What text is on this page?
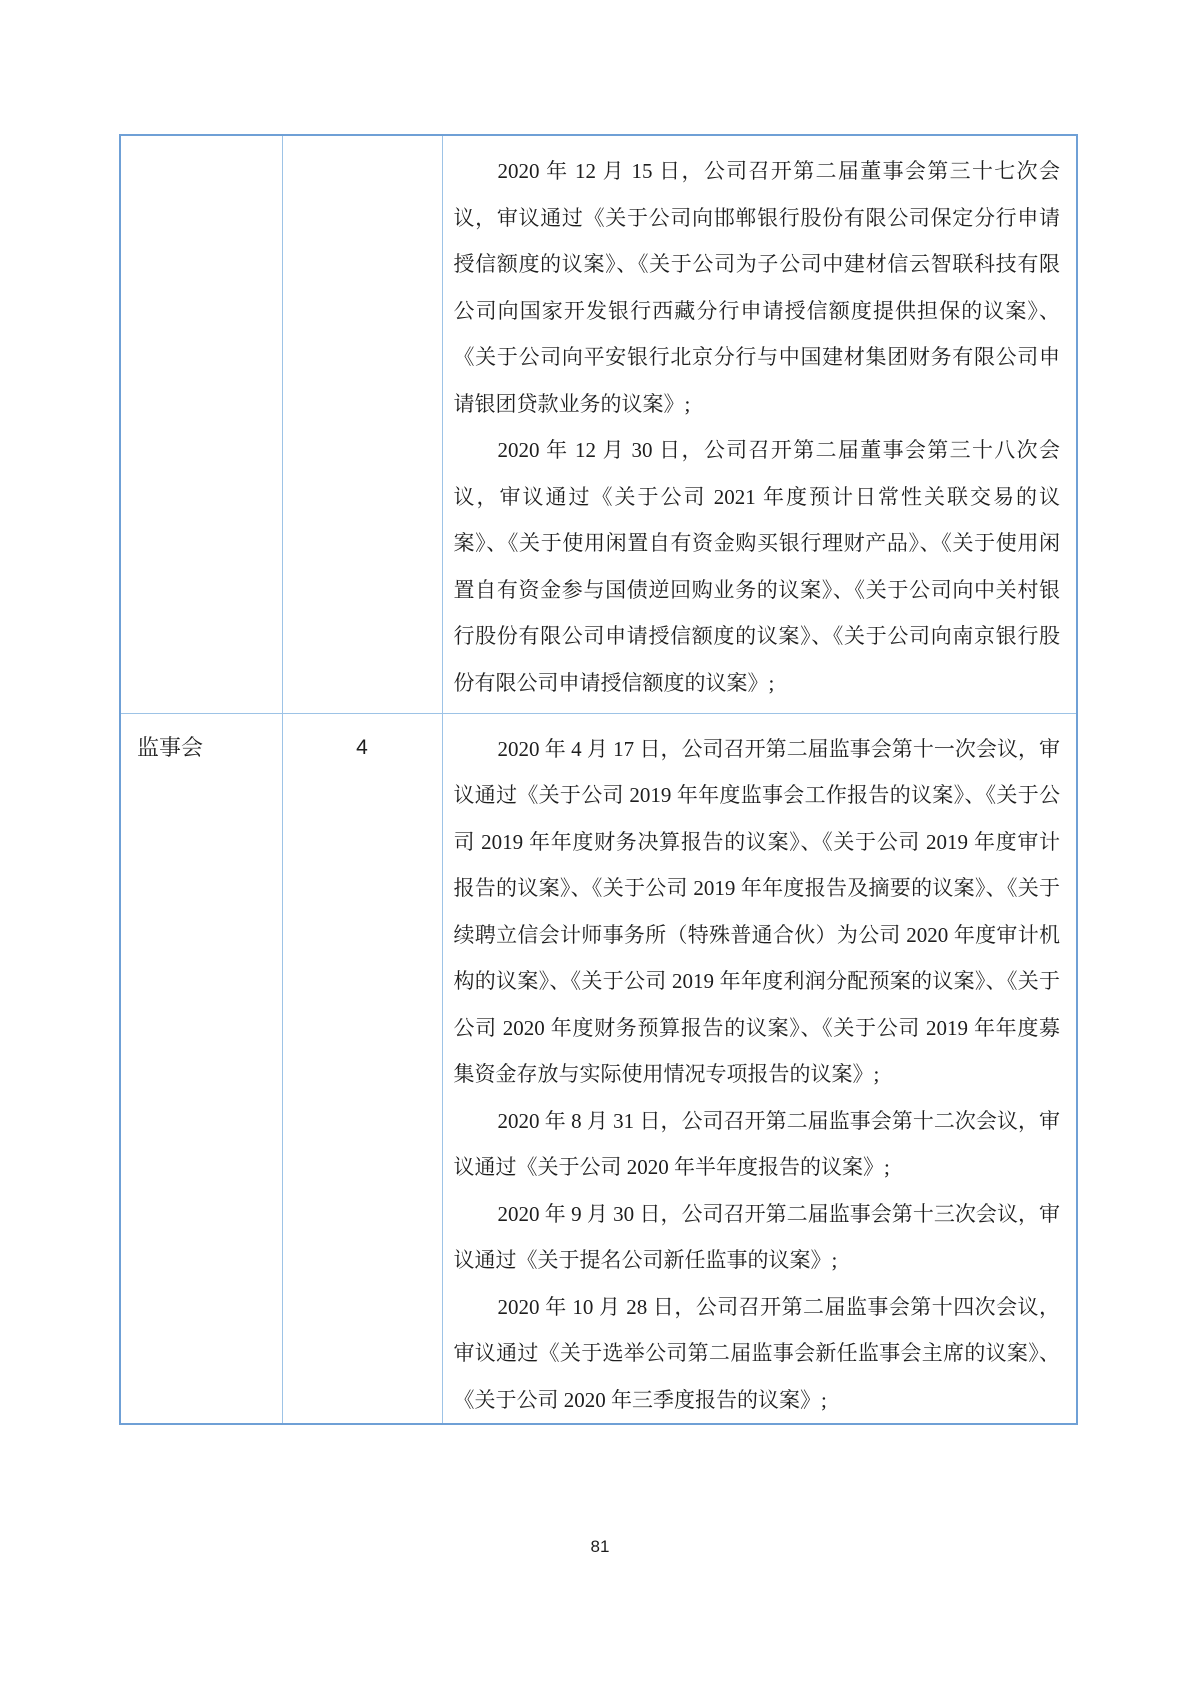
		2020 年 12 月 15 日，公司召开第二届董事会第三十七次会议，审议通过《关于公司向邯郸银行股份有限公司保定分行申请授信额度的议案》、《关于公司为子公司中建材信云智联科技有限公司向国家开发银行西藏分行申请授信额度提供担保的议案》、《关于公司向平安银行北京分行与中国建材集团财务有限公司申请银团贷款业务的议案》;

2020 年 12 月 30 日，公司召开第二届董事会第三十八次会议，审议通过《关于公司 2021 年度预计日常性关联交易的议案》、《关于使用闲置自有资金购买银行理财产品》、《关于使用闲置自有资金参与国债逆回购业务的议案》、《关于公司向中关村银行股份有限公司申请授信额度的议案》、《关于公司向南京银行股份有限公司申请授信额度的议案》;

监事会	4	2020 年 4 月 17 日，公司召开第二届监事会第十一次会议，审议通过《关于公司 2019 年年度监事会工作报告的议案》、《关于公司 2019 年年度财务决算报告的议案》、《关于公司 2019 年度审计报告的议案》、《关于公司 2019 年年度报告及摘要的议案》、《关于续聘立信会计师事务所（特殊普通合伙）为公司 2020 年度审计机构的议案》、《关于公司 2019 年年度利润分配预案的议案》、《关于公司 2020 年度财务预算报告的议案》、《关于公司 2019 年年度募集资金存放与实际使用情况专项报告的议案》;

2020 年 8 月 31 日，公司召开第二届监事会第十二次会议，审议通过《关于公司 2020 年半年度报告的议案》;

2020 年 9 月 30 日，公司召开第二届监事会第十三次会议，审议通过《关于提名公司新任监事的议案》;

2020 年 10 月 28 日，公司召开第二届监事会第十四次会议，审议通过《关于选举公司第二届监事会新任监事会主席的议案》、《关于公司 2020 年三季度报告的议案》;

81
